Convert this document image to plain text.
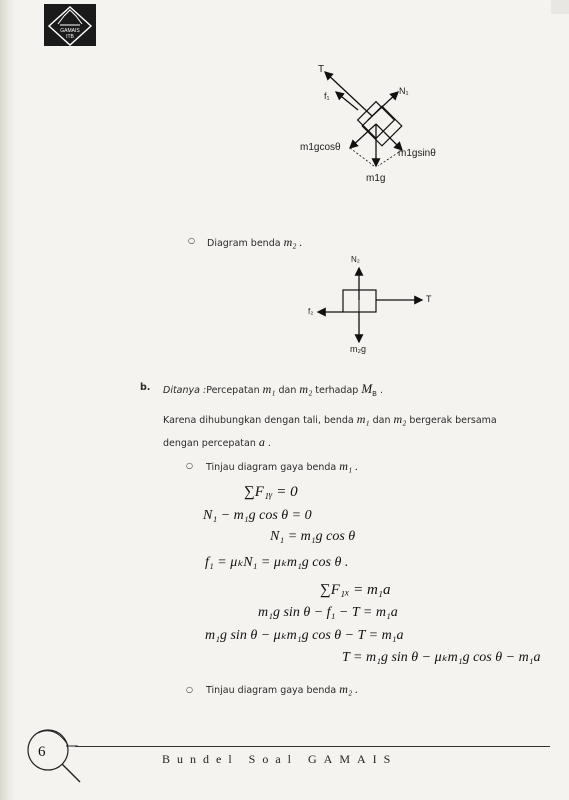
GAMAIS
ITB
T
f₁	N₁
m1gcosθ
m1gsinθ
m1g
○ Diagram benda m₂ .
N₂
T
f₂
m₂g
b. Ditanya :Percepatan m₁ dan m₂ terhadap $M_B$ .
Karena dihubungkan dengan tali, benda m₁ dan m₂ bergerak bersama
dengan percepatan a .
○ Tinjau diagram gaya benda m₁ .
∑F₁ᵧ = 0
N₁ − m₁g cos θ = 0
N₁ = m₁g cos θ
f₁ = μₖN₁ = μₖm₁g cos θ .
∑F₁ₓ = m₁a
m₁g sin θ − f₁ − T = m₁a
m₁g sin θ − μₖm₁g cos θ − T = m₁a
T = m₁g sin θ − μₖm₁g cos θ − m₁a
○ Tinjau diagram gaya benda m₂ .
6	Bundel Soal GAMAIS
